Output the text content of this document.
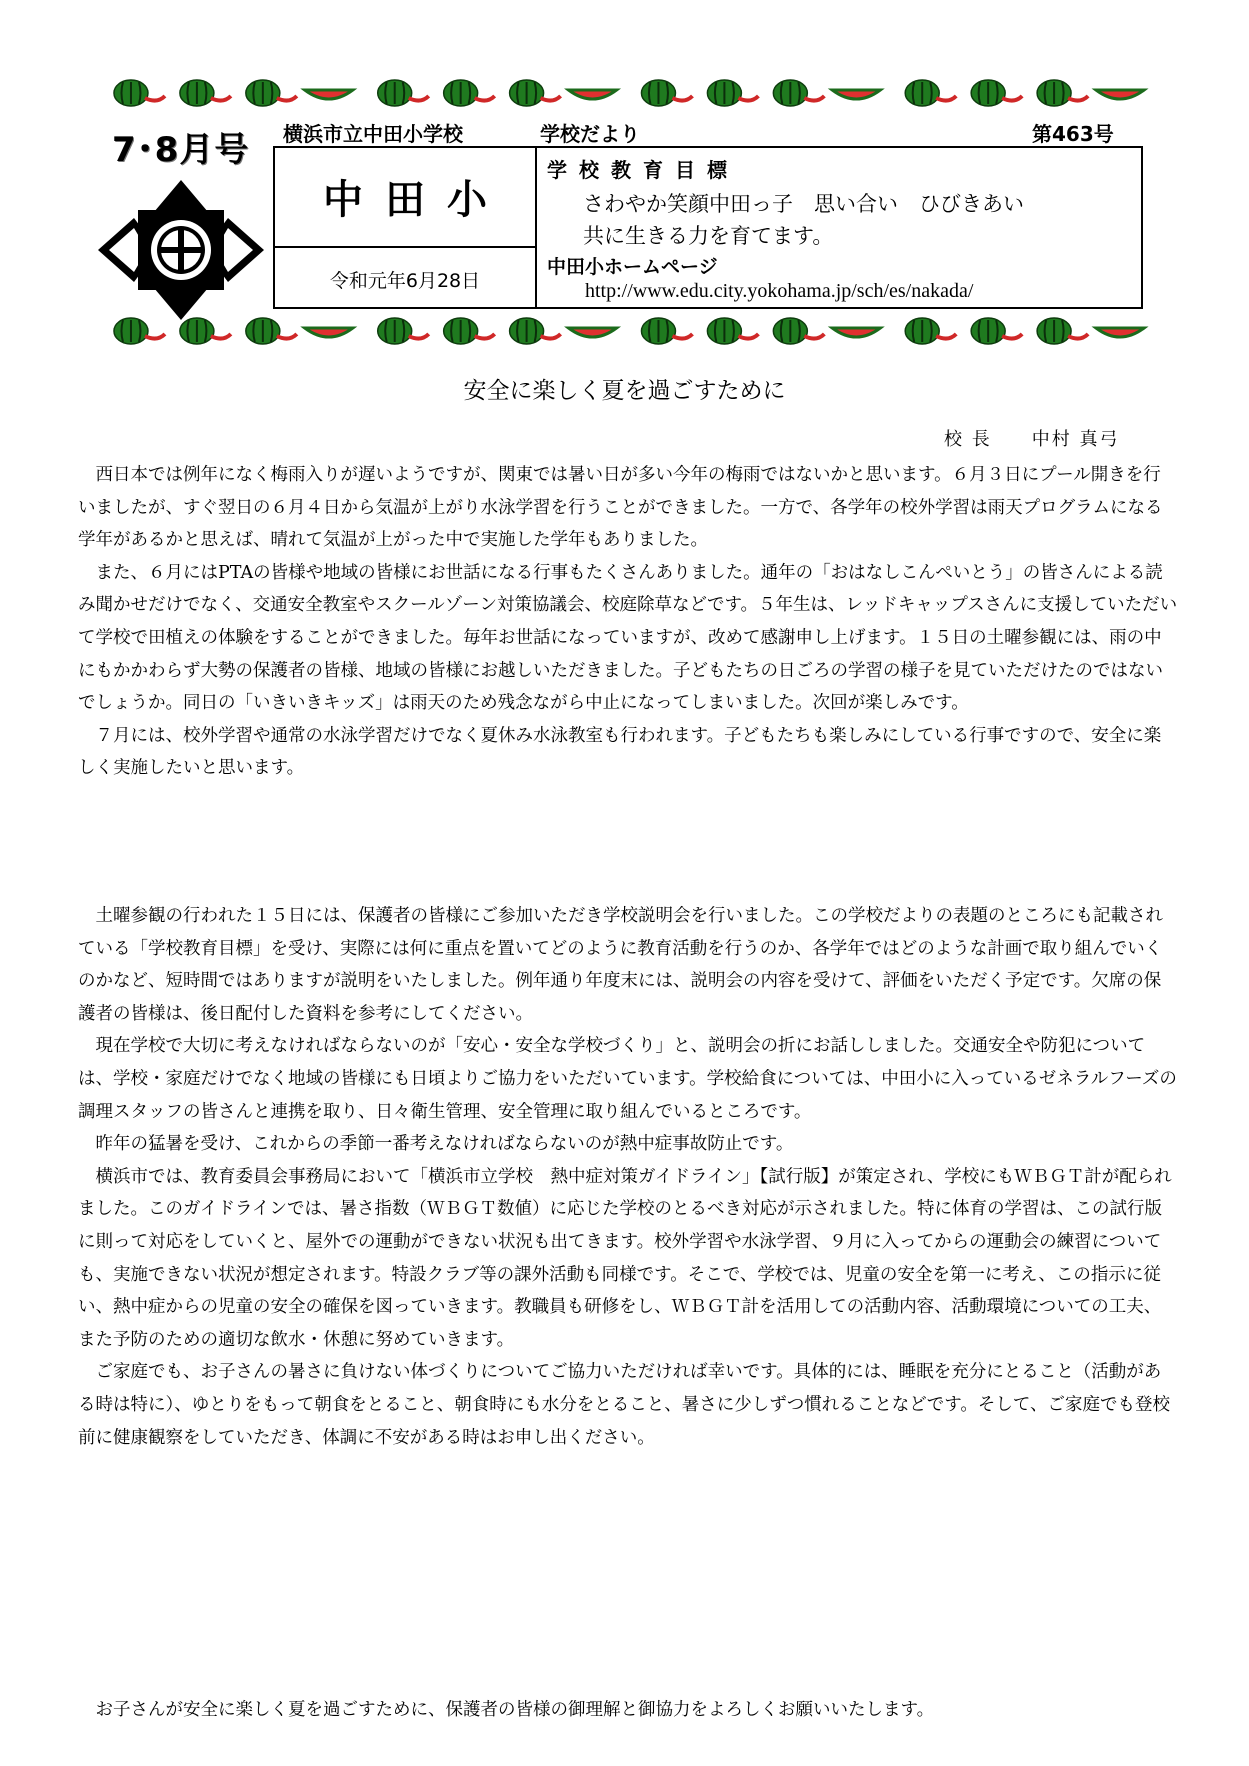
7･8月号 横浜市立中田小学校	学校だより	第463号
中田小
令和元年6月28日
学校教育目標
さわやか笑顔中田っ子　思い合い　ひびきあい
共に生きる力を育てます。
中田小ホームページ
http://www.edu.city.yokohama.jp/sch/es/nakada/
安全に楽しく夏を過ごすために
校 長　　中村 真弓

西日本では例年になく梅雨入りが遅いようですが、関東では暑い日が多い今年の梅雨ではないかと思います。６月３日にプール開きを行いましたが、すぐ翌日の６月４日から気温が上がり水泳学習を行うことができました。一方で、各学年の校外学習は雨天プログラムになる学年があるかと思えば、晴れて気温が上がった中で実施した学年もありました。

また、６月にはPTAの皆様や地域の皆様にお世話になる行事もたくさんありました。通年の「おはなしこんぺいとう」の皆さんによる読み聞かせだけでなく、交通安全教室やスクールゾーン対策協議会、校庭除草などです。５年生は、レッドキャップスさんに支援していただいて学校で田植えの体験をすることができました。毎年お世話になっていますが、改めて感謝申し上げます。１５日の土曜参観には、雨の中にもかかわらず大勢の保護者の皆様、地域の皆様にお越しいただきました。子どもたちの日ごろの学習の様子を見ていただけたのではないでしょうか。同日の「いきいきキッズ」は雨天のため残念ながら中止になってしまいました。次回が楽しみです。

７月には、校外学習や通常の水泳学習だけでなく夏休み水泳教室も行われます。子どもたちも楽しみにしている行事ですので、安全に楽しく実施したいと思います。

土曜参観の行われた１５日には、保護者の皆様にご参加いただき学校説明会を行いました。この学校だよりの表題のところにも記載されている「学校教育目標」を受け、実際には何に重点を置いてどのように教育活動を行うのか、各学年ではどのような計画で取り組んでいくのかなど、短時間ではありますが説明をいたしました。例年通り年度末には、説明会の内容を受けて、評価をいただく予定です。欠席の保護者の皆様は、後日配付した資料を参考にしてください。

現在学校で大切に考えなければならないのが「安心・安全な学校づくり」と、説明会の折にお話ししました。交通安全や防犯については、学校・家庭だけでなく地域の皆様にも日頃よりご協力をいただいています。学校給食については、中田小に入っているゼネラルフーズの調理スタッフの皆さんと連携を取り、日々衛生管理、安全管理に取り組んでいるところです。

昨年の猛暑を受け、これからの季節一番考えなければならないのが熱中症事故防止です。

横浜市では、教育委員会事務局において「横浜市立学校　熱中症対策ガイドライン」【試行版】が策定され、学校にもＷＢＧＴ計が配られました。このガイドラインでは、暑さ指数（ＷＢＧＴ数値）に応じた学校のとるべき対応が示されました。特に体育の学習は、この試行版に則って対応をしていくと、屋外での運動ができない状況も出てきます。校外学習や水泳学習、９月に入ってからの運動会の練習についても、実施できない状況が想定されます。特設クラブ等の課外活動も同様です。そこで、学校では、児童の安全を第一に考え、この指示に従い、熱中症からの児童の安全の確保を図っていきます。教職員も研修をし、ＷＢＧＴ計を活用しての活動内容、活動環境についての工夫、また予防のための適切な飲水・休憩に努めていきます。

ご家庭でも、お子さんの暑さに負けない体づくりについてご協力いただければ幸いです。具体的には、睡眠を充分にとること（活動がある時は特に）、ゆとりをもって朝食をとること、朝食時にも水分をとること、暑さに少しずつ慣れることなどです。そして、ご家庭でも登校前に健康観察をしていただき、体調に不安がある時はお申し出ください。

お子さんが安全に楽しく夏を過ごすために、保護者の皆様の御理解と御協力をよろしくお願いいたします。
